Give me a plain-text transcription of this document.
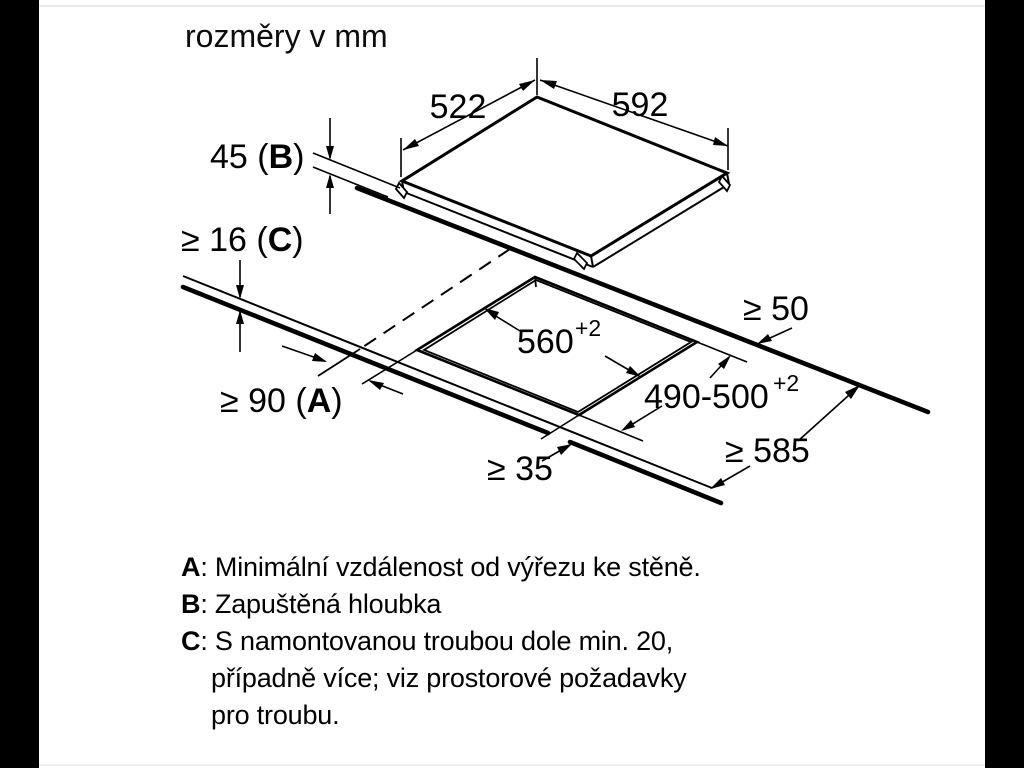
rozměry v mm
522	592
45 (B)
≥ 16 (C)
≥ 50
≥ 90 (A)
560 +2
490-500 +2
≥ 35	≥ 585
A: Minimální vzdálenost od výřezu ke stěně.
B: Zapuštěná hloubka
C: S namontovanou troubou dole min. 20,
případně více; viz prostorové požadavky
pro troubu.
